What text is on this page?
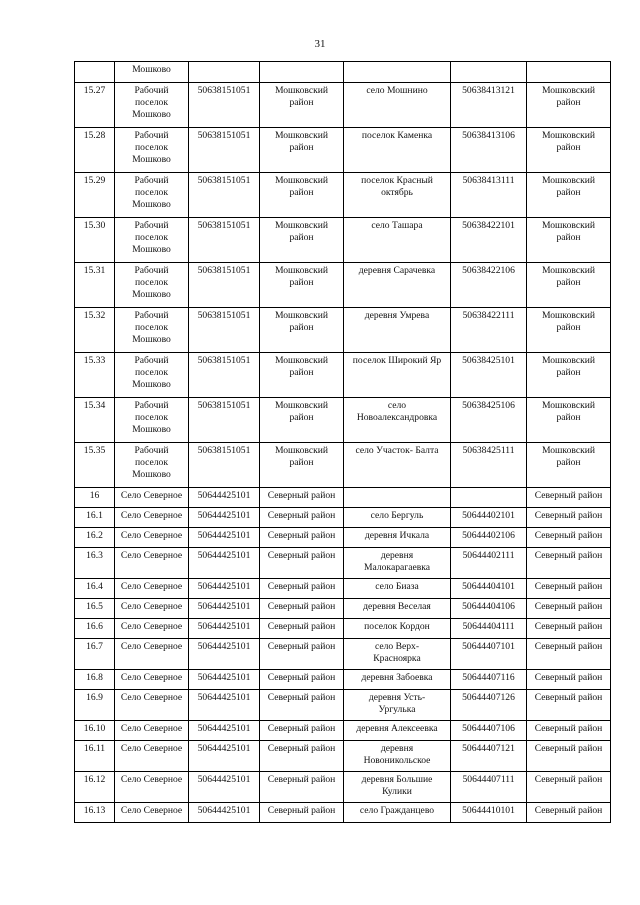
31
	Мошково					
15.27	Рабочий
поселок
Мошково	50638151051	Мошковский
район	село Мошнино	50638413121	Мошковский
район
15.28	Рабочий
поселок
Мошково	50638151051	Мошковский
район	поселок Каменка	50638413106	Мошковский
район
15.29	Рабочий
поселок
Мошково	50638151051	Мошковский
район	поселок Красный
октябрь	50638413111	Мошковский
район
15.30	Рабочий
поселок
Мошково	50638151051	Мошковский
район	село Ташара	50638422101	Мошковский
район
15.31	Рабочий
поселок
Мошково	50638151051	Мошковский
район	деревня Сарачевка	50638422106	Мошковский
район
15.32	Рабочий
поселок
Мошково	50638151051	Мошковский
район	деревня Умрева	50638422111	Мошковский
район
15.33	Рабочий
поселок
Мошково	50638151051	Мошковский
район	поселок Широкий Яр	50638425101	Мошковский
район
15.34	Рабочий
поселок
Мошково	50638151051	Мошковский
район	село
Новоалександровка	50638425106	Мошковский
район
15.35	Рабочий
поселок
Мошково	50638151051	Мошковский
район	село Участок- Балта	50638425111	Мошковский
район
16	Село Северное	50644425101	Северный район			Северный район
16.1	Село Северное	50644425101	Северный район	село Бергуль	50644402101	Северный район
16.2	Село Северное	50644425101	Северный район	деревня Ичкала	50644402106	Северный район
16.3	Село Северное	50644425101	Северный район	деревня
Малокарагаевка	50644402111	Северный район
16.4	Село Северное	50644425101	Северный район	село Биаза	50644404101	Северный район
16.5	Село Северное	50644425101	Северный район	деревня Веселая	50644404106	Северный район
16.6	Село Северное	50644425101	Северный район	поселок Кордон	50644404111	Северный район
16.7	Село Северное	50644425101	Северный район	село Верх-
Красноярка	50644407101	Северный район
16.8	Село Северное	50644425101	Северный район	деревня Забоевка	50644407116	Северный район
16.9	Село Северное	50644425101	Северный район	деревня Усть-
Ургулька	50644407126	Северный район
16.10	Село Северное	50644425101	Северный район	деревня Алексеевка	50644407106	Северный район
16.11	Село Северное	50644425101	Северный район	деревня
Новоникольское	50644407121	Северный район
16.12	Село Северное	50644425101	Северный район	деревня Большие
Кулики	50644407111	Северный район
16.13	Село Северное	50644425101	Северный район	село Гражданцево	50644410101	Северный район
